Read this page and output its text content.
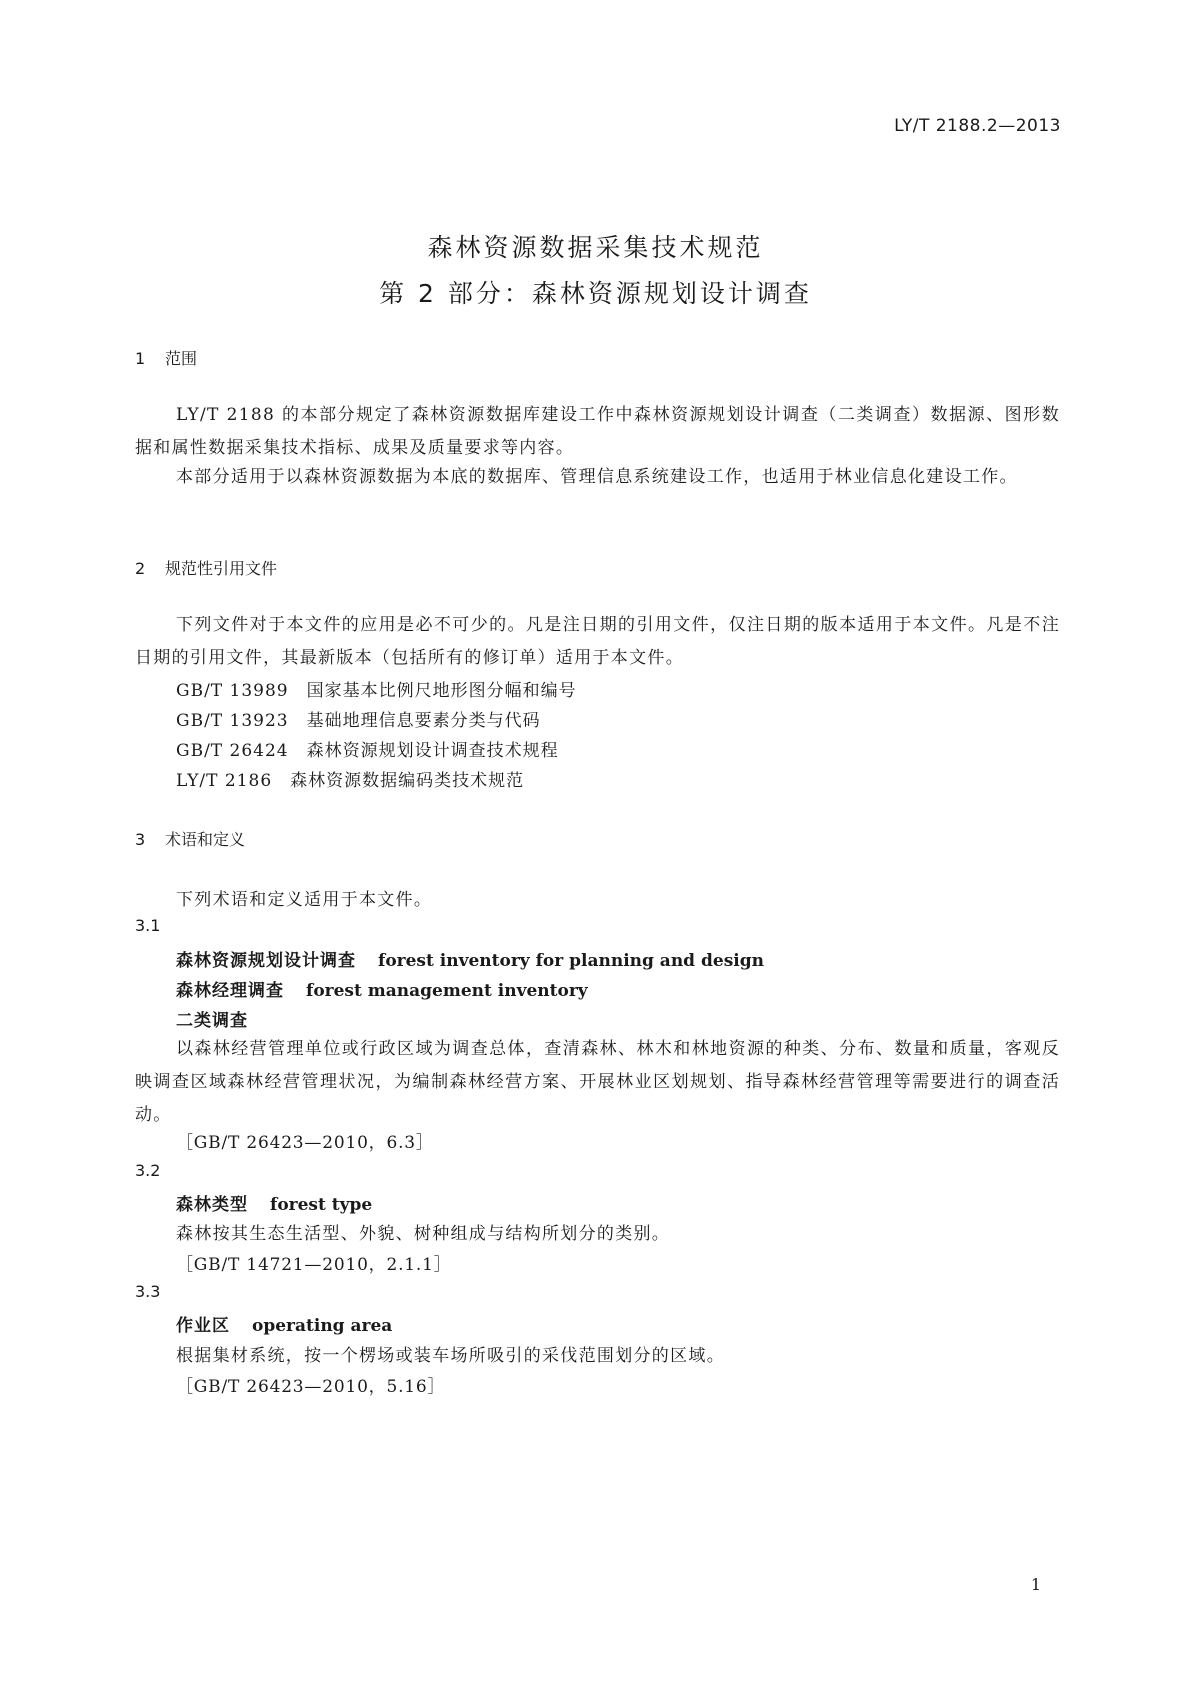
LY/T 2188.2—2013
森林资源数据采集技术规范
第 2 部分：森林资源规划设计调查
1 范围

LY/T 2188 的本部分规定了森林资源数据库建设工作中森林资源规划设计调查（二类调查）数据源、图形数据和属性数据采集技术指标、成果及质量要求等内容。

本部分适用于以森林资源数据为本底的数据库、管理信息系统建设工作，也适用于林业信息化建设工作。

2 规范性引用文件

下列文件对于本文件的应用是必不可少的。凡是注日期的引用文件，仅注日期的版本适用于本文件。凡是不注日期的引用文件，其最新版本（包括所有的修订单）适用于本文件。

GB/T 13989 国家基本比例尺地形图分幅和编号
GB/T 13923 基础地理信息要素分类与代码
GB/T 26424 森林资源规划设计调查技术规程
LY/T 2186 森林资源数据编码类技术规范
3 术语和定义
下列术语和定义适用于本文件。
3.1
森林资源规划设计调查 forest inventory for planning and design
森林经理调查 forest management inventory
二类调查

以森林经营管理单位或行政区域为调查总体，查清森林、林木和林地资源的种类、分布、数量和质量，客观反映调查区域森林经营管理状况，为编制森林经营方案、开展林业区划规划、指导森林经营管理等需要进行的调查活动。

［GB/T 26423—2010，6.3］
3.2
森林类型 forest type
森林按其生态生活型、外貌、树种组成与结构所划分的类别。
［GB/T 14721—2010，2.1.1］
3.3
作业区 operating area
根据集材系统，按一个楞场或装车场所吸引的采伐范围划分的区域。
［GB/T 26423—2010，5.16］
1
